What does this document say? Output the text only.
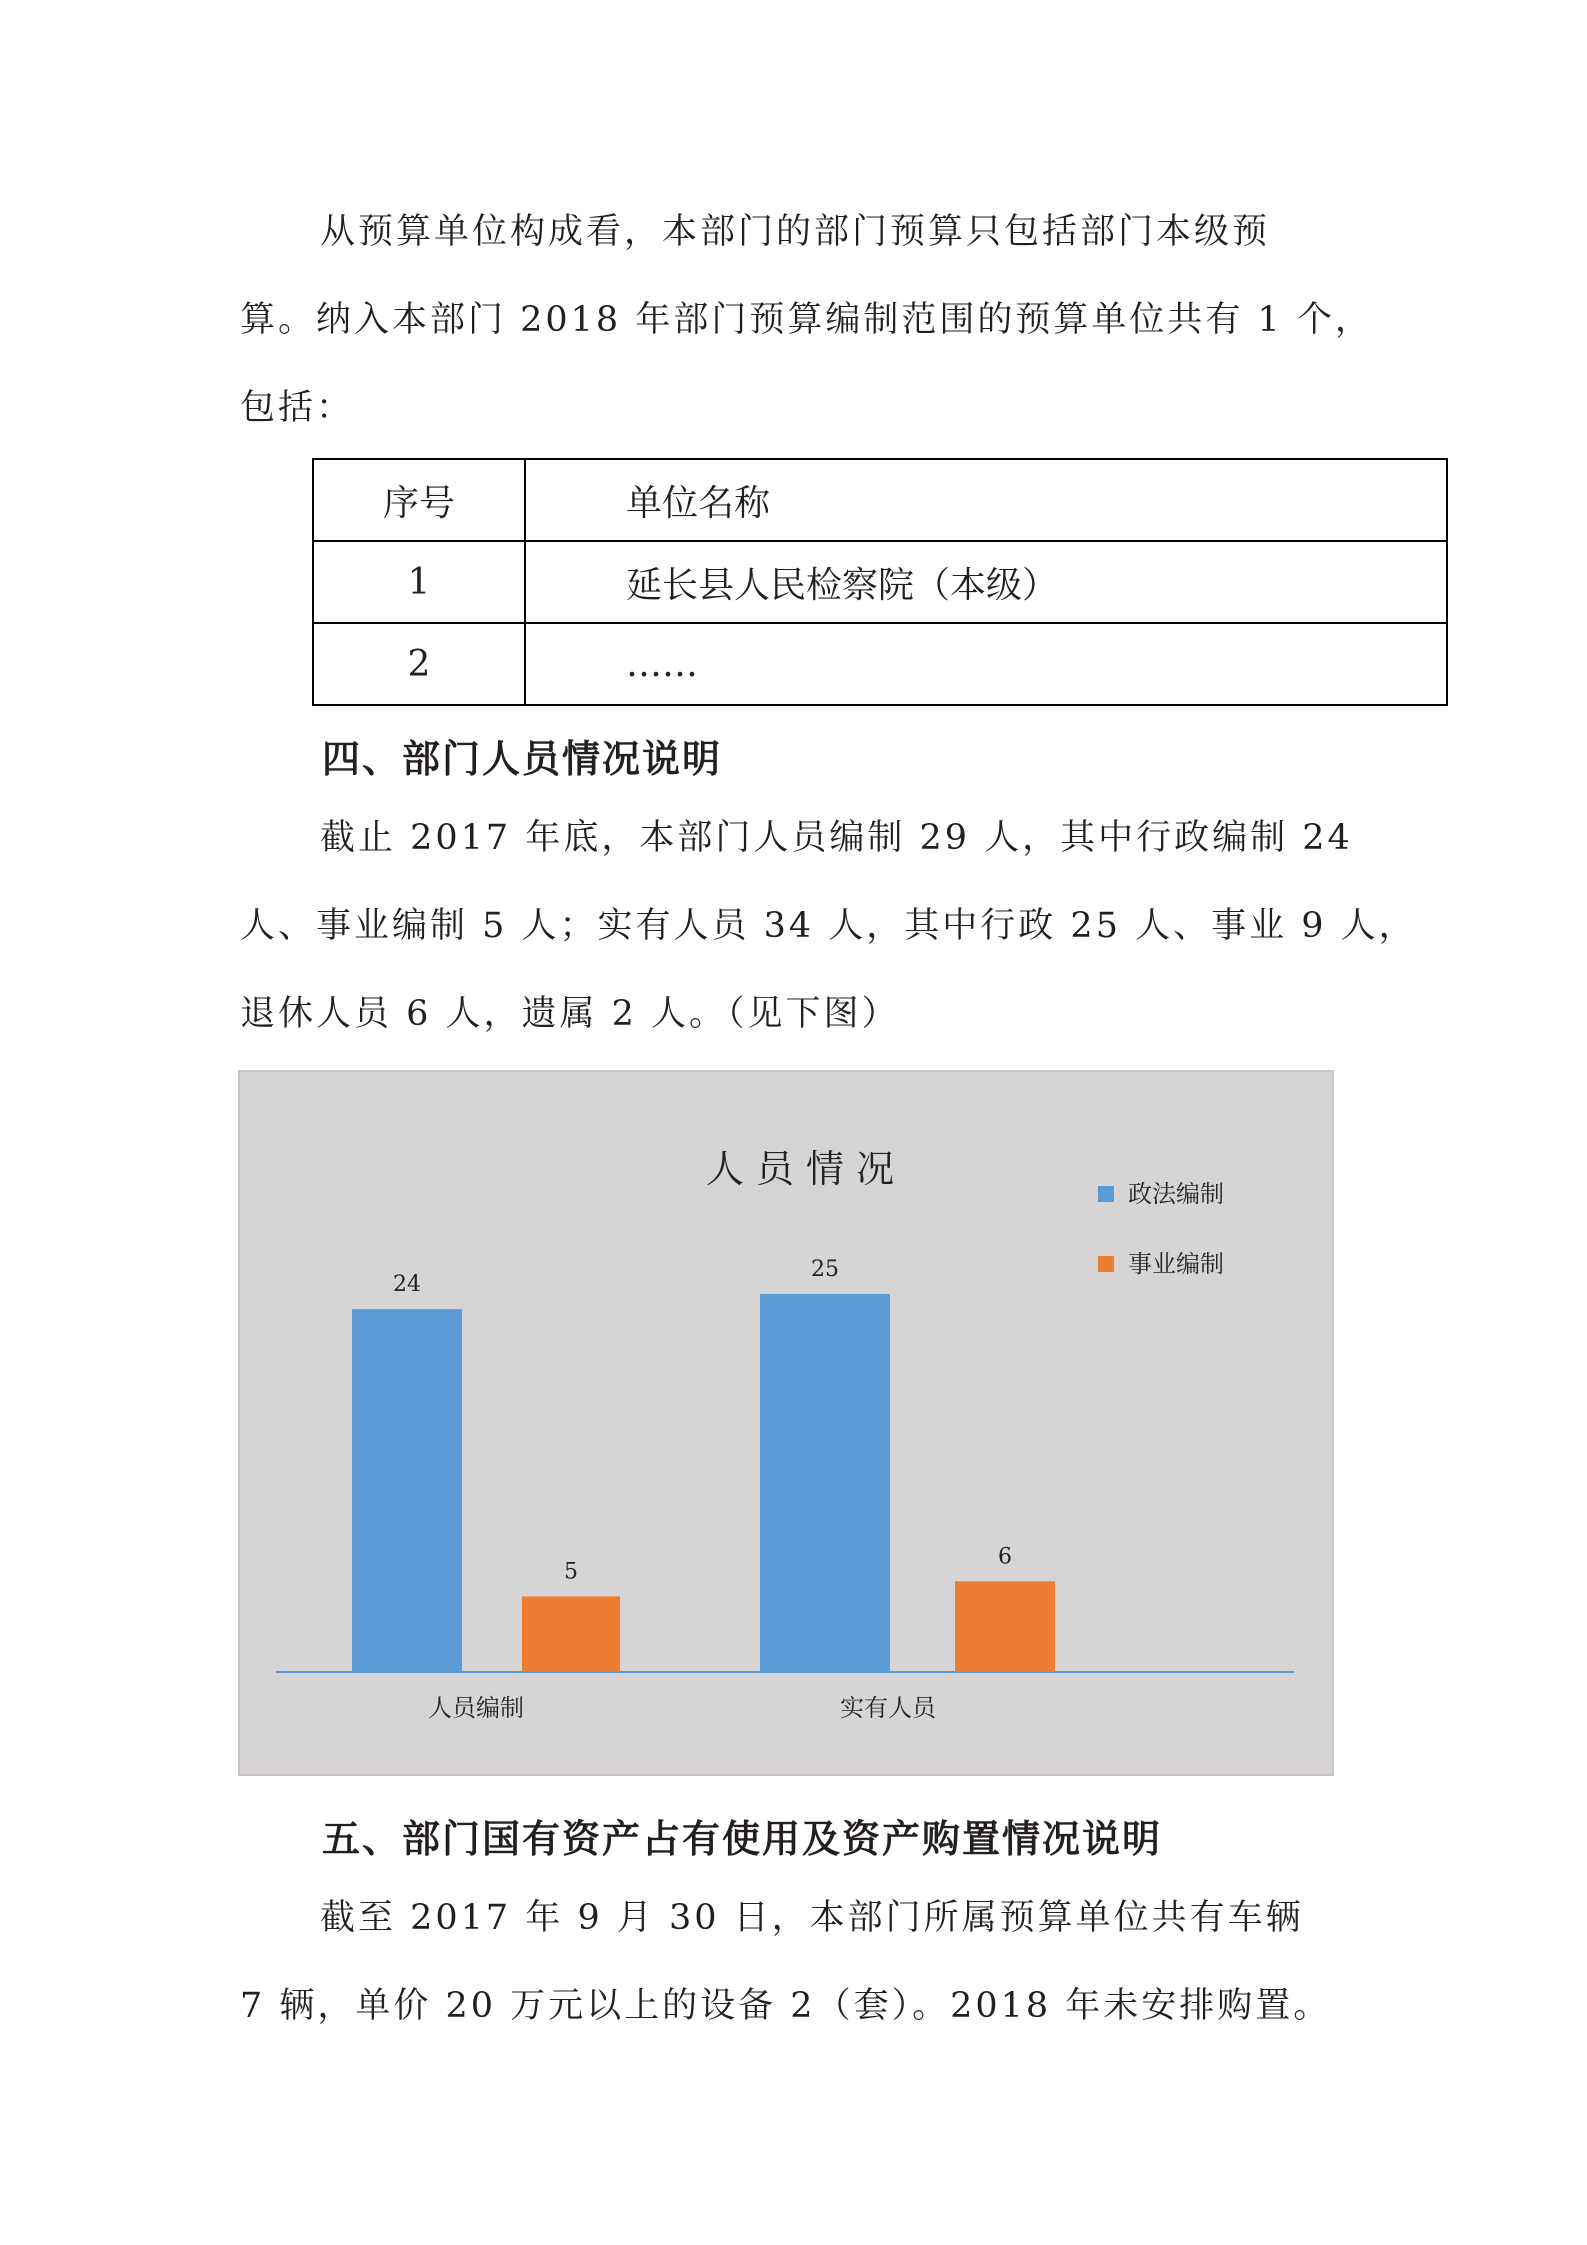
从预算单位构成看，本部门的部门预算只包括部门本级预
算。纳入本部门 2018 年部门预算编制范围的预算单位共有 1 个，
包括：
序号	单位名称
1	延长县人民检察院（本级）
2	……
四、部门人员情况说明
截止 2017 年底，本部门人员编制 29 人，其中行政编制 24
人、事业编制 5 人；实有人员 34 人，其中行政 25 人、事业 9 人，
退休人员 6 人，遗属 2 人。（见下图）
人 员 情 况
政法编制
事业编制
24
5
人员编制
25
6
实有人员
五、部门国有资产占有使用及资产购置情况说明
截至 2017 年 9 月 30 日，本部门所属预算单位共有车辆
7 辆，单价 20 万元以上的设备 2（套）。2018 年未安排购置。
